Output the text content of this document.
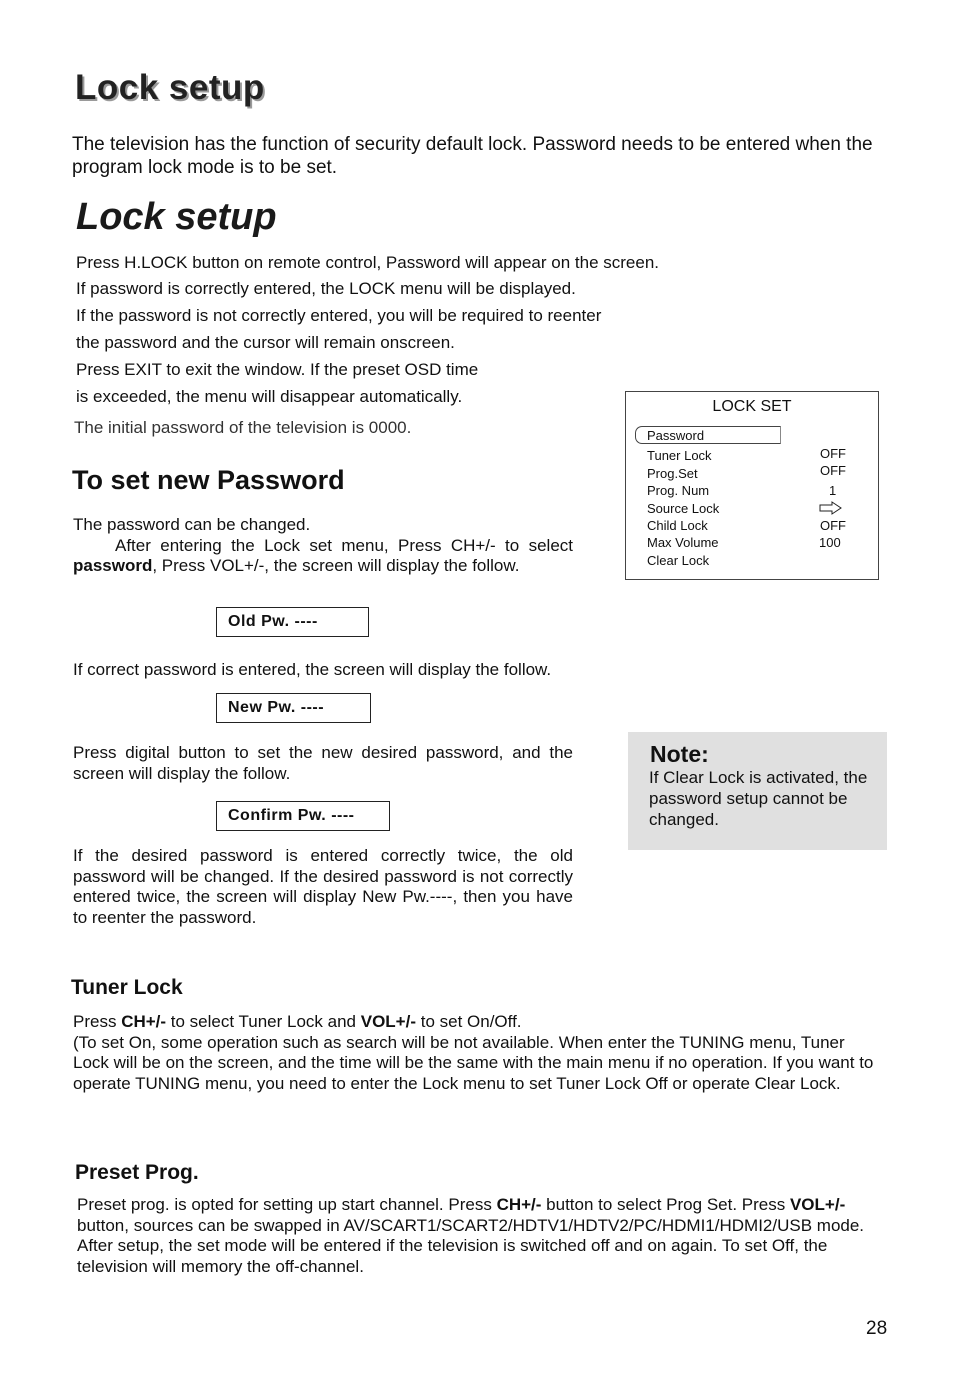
Lock setup
The television has the function of security default lock. Password needs to be entered when the program lock mode is to be set.
Lock setup
Press H.LOCK button on remote control, Password will appear on the screen.
If password is correctly entered, the LOCK menu will be displayed.
If the password is not correctly entered, you will be required to reenter
the password and the cursor will remain onscreen.
Press EXIT to exit the window. If the preset OSD time
is exceeded, the menu will disappear automatically.
The initial password of the television is 0000.
LOCK SET
Password
Tuner Lock	OFF
Prog.Set	OFF
Prog. Num	1
Source Lock
Child Lock	OFF
Max Volume	100
Clear Lock
To set new Password
The password can be changed.
After entering the Lock set menu, Press CH+/- to select password, Press VOL+/-, the screen will display the follow.
Old Pw. ----
If correct password is entered, the screen will display the follow.
New Pw. ----
Press digital button to set the new desired password, and the screen will display the follow.
Confirm Pw. ----
If the desired password is entered correctly twice, the old password will be changed. If the desired password is not correctly entered twice, the screen will display New Pw.----, then you have to reenter the password.
Note:
If Clear Lock is activated, the password setup cannot be changed.
Tuner Lock
Press CH+/- to select Tuner Lock and VOL+/- to set On/Off.
(To set On, some operation such as search will be not available. When enter the TUNING menu, Tuner Lock will be on the screen, and the time will be the same with the main menu if no operation. If you want to operate TUNING menu, you need to enter the Lock menu to set Tuner Lock Off or operate Clear Lock.
Preset Prog.
Preset prog. is opted for setting up start channel. Press CH+/- button to select Prog Set. Press VOL+/- button, sources can be swapped in AV/SCART1/SCART2/HDTV1/HDTV2/PC/HDMI1/HDMI2/USB mode. After setup, the set mode will be entered if the television is switched off and on again. To set Off, the television will memory the off-channel.
28
